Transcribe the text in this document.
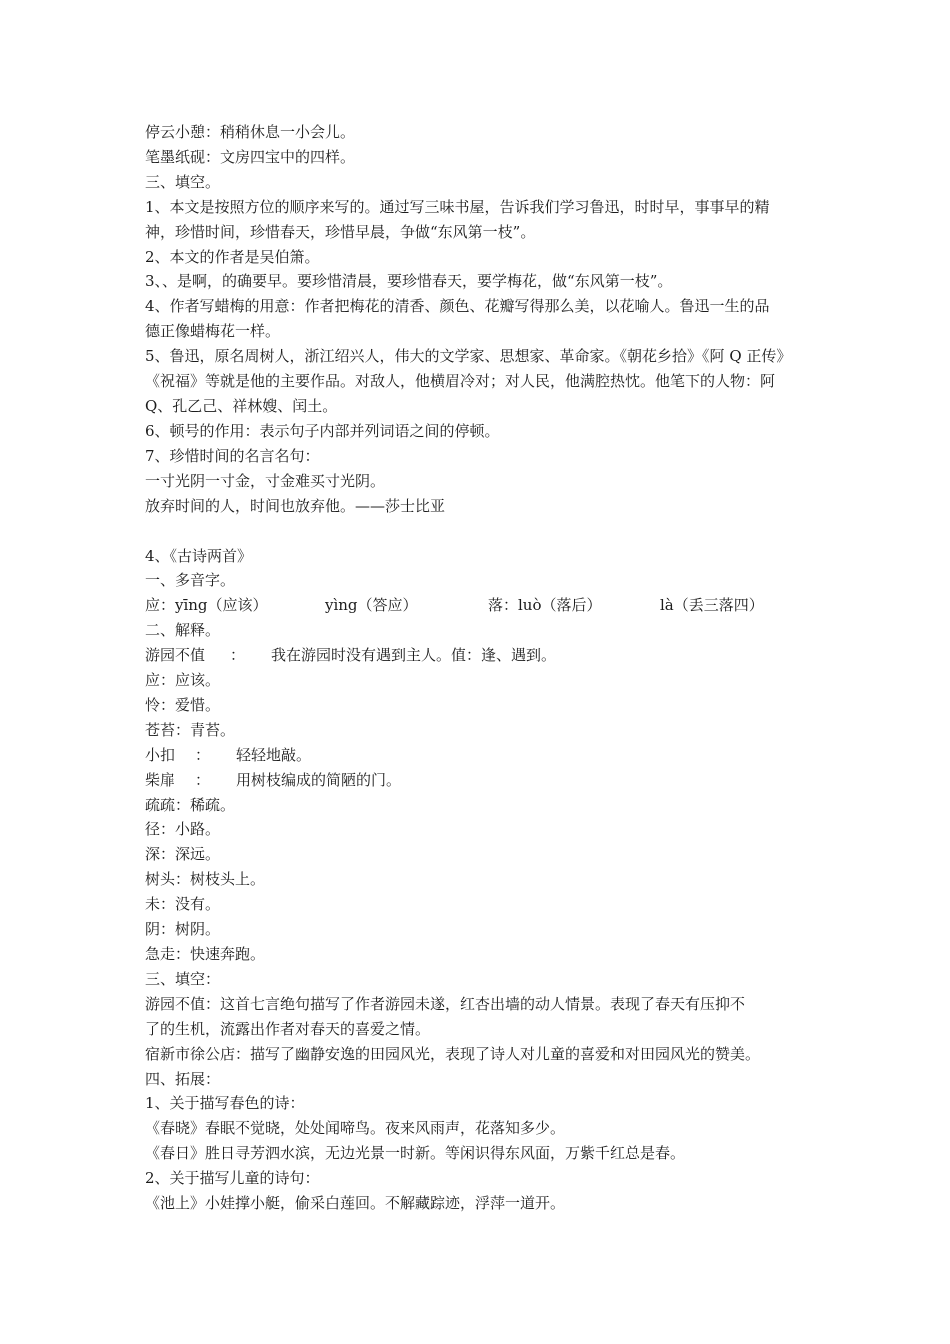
停云小憩：稍稍休息一小会儿。
笔墨纸砚：文房四宝中的四样。
三、填空。
1、本文是按照方位的顺序来写的。通过写三味书屋，告诉我们学习鲁迅，时时早，事事早的精
神，珍惜时间，珍惜春天，珍惜早晨，争做“东风第一枝”。
2、本文的作者是吴伯箫。
3、、是啊，的确要早。要珍惜清晨，要珍惜春天，要学梅花，做“东风第一枝”。
4、作者写蜡梅的用意：作者把梅花的清香、颜色、花瓣写得那么美，以花喻人。鲁迅一生的品
德正像蜡梅花一样。
5、鲁迅，原名周树人，浙江绍兴人，伟大的文学家、思想家、革命家。《朝花乡拾》《阿 Q 正传》
《祝福》等就是他的主要作品。对敌人，他横眉冷对；对人民，他满腔热忱。他笔下的人物：阿
Q、孔乙己、祥林嫂、闰土。
6、顿号的作用：表示句子内部并列词语之间的停顿。
7、珍惜时间的名言名句：
一寸光阴一寸金，寸金难买寸光阴。
放弃时间的人，时间也放弃他。——莎士比亚
4、《古诗两首》
一、多音字。
应：yīng（应该）	yìng（答应）	落：luò（落后）	là（丢三落四）
二、解释。
游园不值 ： 我在游园时没有遇到主人。值：逢、遇到。
应：应该。
怜：爱惜。
苍苔：青苔。
小扣 ： 轻轻地敲。
柴扉 ： 用树枝编成的简陋的门。
疏疏：稀疏。
径：小路。
深：深远。
树头：树枝头上。
未：没有。
阴：树阴。
急走：快速奔跑。
三、填空：
游园不值：这首七言绝句描写了作者游园未遂，红杏出墙的动人情景。表现了春天有压抑不
了的生机，流露出作者对春天的喜爱之情。
宿新市徐公店：描写了幽静安逸的田园风光，表现了诗人对儿童的喜爱和对田园风光的赞美。
四、拓展：
1、关于描写春色的诗：
《春晓》春眠不觉晓，处处闻啼鸟。夜来风雨声，花落知多少。
《春日》胜日寻芳泗水滨，无边光景一时新。等闲识得东风面，万紫千红总是春。
2、关于描写儿童的诗句：
《池上》小娃撑小艇，偷采白莲回。不解藏踪迹，浮萍一道开。
